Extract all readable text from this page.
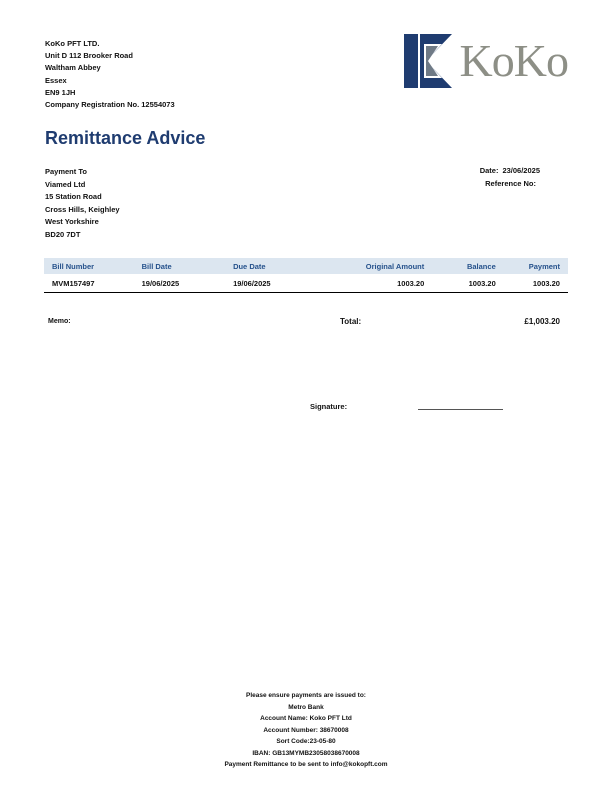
KoKo PFT LTD.
Unit D 112 Brooker Road
Waltham Abbey
Essex
EN9 1JH
Company Registration No. 12554073
KoKo
Remittance Advice
Payment To
Viamed Ltd
15 Station Road
Cross Hills, Keighley
West Yorkshire
BD20 7DT
Date: 23/06/2025
Reference No:
Bill Number	Bill Date	Due Date	Original Amount	Balance	Payment
MVM157497	19/06/2025	19/06/2025	1003.20	1003.20	1003.20
Memo:	Total:	£1,003.20
Signature:
Please ensure payments are issued to:
Metro Bank
Account Name: Koko PFT Ltd
Account Number: 38670008
Sort Code:23-05-80
IBAN: GB13MYMB23058038670008
Payment Remittance to be sent to info@kokopft.com
